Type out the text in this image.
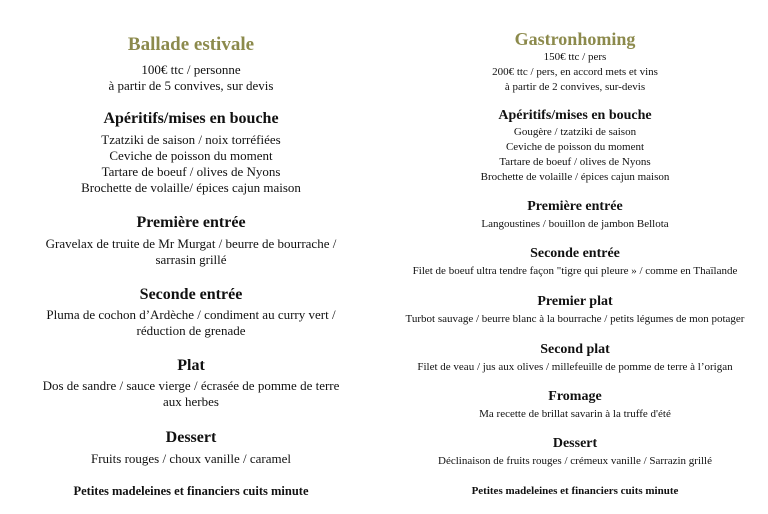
Ballade estivale
100€ ttc / personne
à partir de 5 convives, sur devis
Apéritifs/mises en bouche
Tzatziki de saison / noix torréfiées
Ceviche de poisson du moment
Tartare de boeuf / olives de Nyons
Brochette de volaille/ épices cajun maison
Première entrée
Gravelax de truite de Mr Murgat / beurre de bourrache /
sarrasin grillé
Seconde entrée
Pluma de cochon d’Ardèche / condiment au curry vert /
réduction de grenade
Plat
Dos de sandre / sauce vierge / écrasée de pomme de terre
aux herbes
Dessert
Fruits rouges / choux vanille / caramel
Petites madeleines et financiers cuits minute
Gastronhoming
150€ ttc / pers
200€ ttc / pers, en accord mets et vins
à partir de 2 convives, sur-devis
Apéritifs/mises en bouche
Gougère / tzatziki de saison
Ceviche de poisson du moment
Tartare de boeuf / olives de Nyons
Brochette de volaille / épices cajun maison
Première entrée
Langoustines / bouillon de jambon Bellota
Seconde entrée
Filet de boeuf ultra tendre façon "tigre qui pleure » / comme en Thaïlande
Premier plat
Turbot sauvage / beurre blanc à la bourrache / petits légumes de mon potager
Second plat
Filet de veau / jus aux olives / millefeuille de pomme de terre à l’origan
Fromage
Ma recette de brillat savarin à la truffe d'été
Dessert
Déclinaison de fruits rouges / crémeux vanille / Sarrazin grillé
Petites madeleines et financiers cuits minute
